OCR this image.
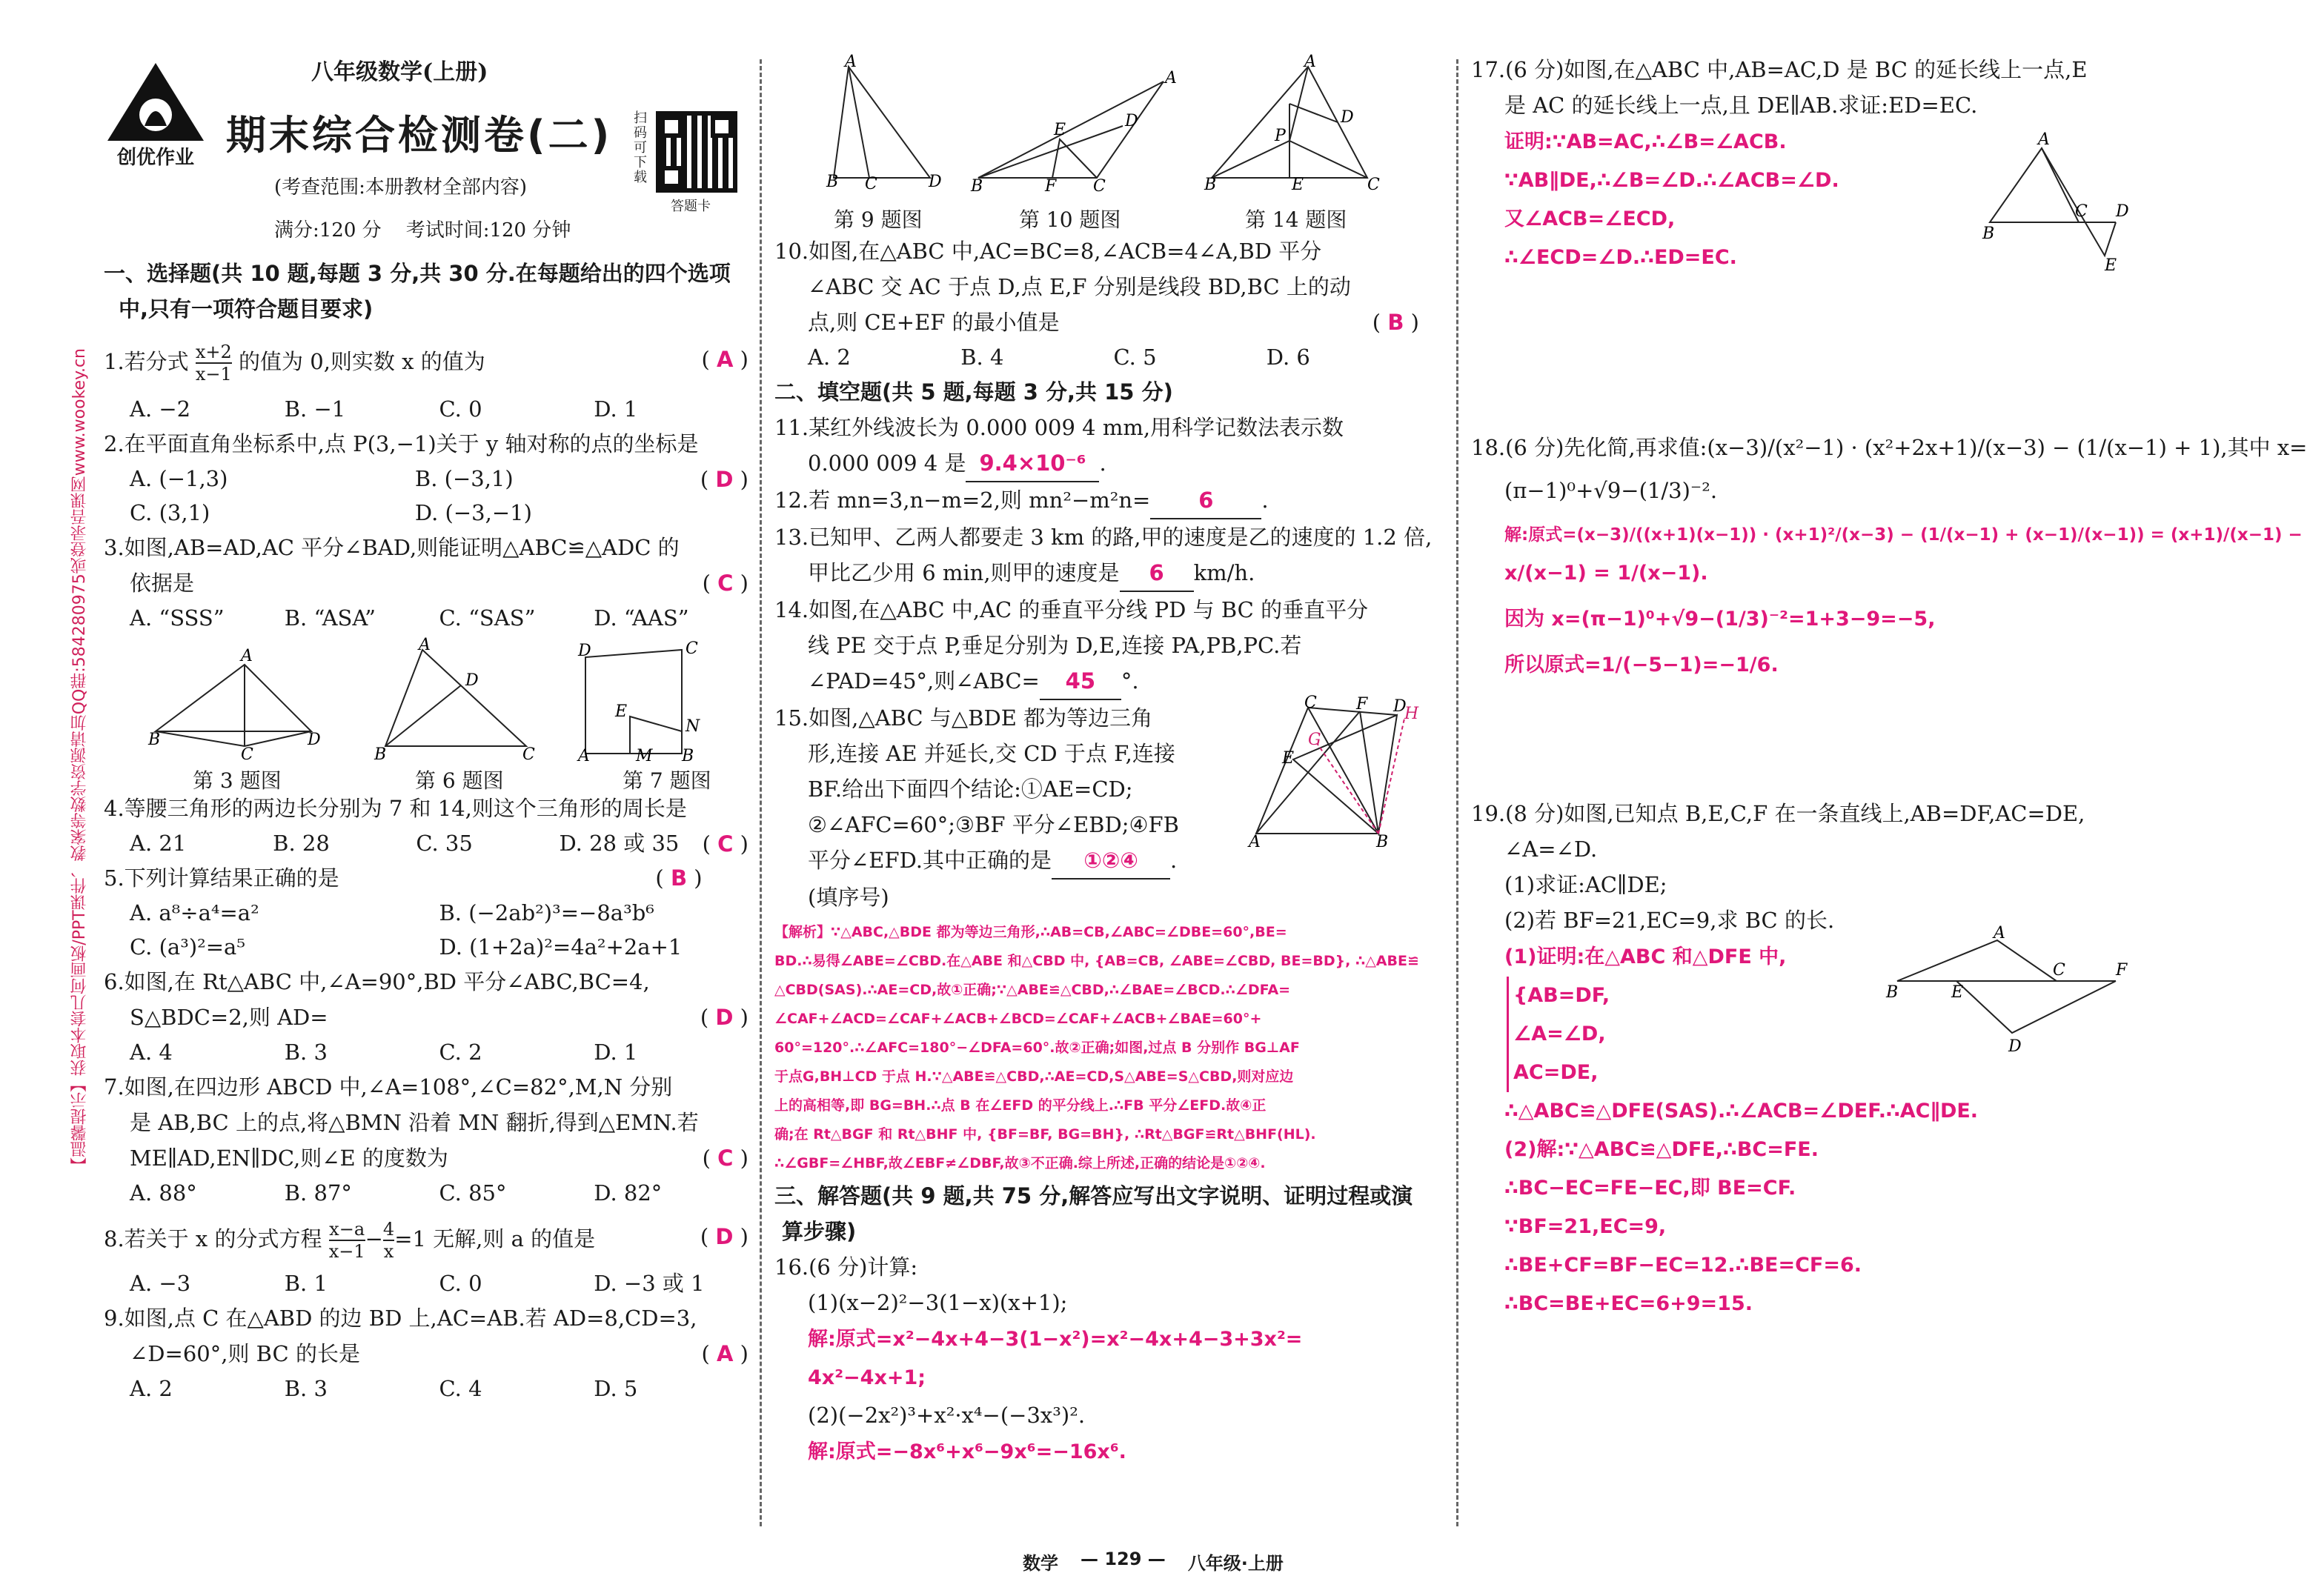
创优作业
八年级数学(上册)
期末综合检测卷(二) 扫码可下载
答题卡
(考查范围:本册教材全部内容)
满分:120 分    考试时间:120 分钟
【温馨提示】获取本套几何画板/PPT课件、教案等数学资源请加QQ群:584280975或登录吾课网www.wookey.cn
一、选择题(共 10 题,每题 3 分,共 30 分.在每题给出的四个选项
中,只有一项符合题目要求)
1.若分式 $\frac{x+2}{x-1}$ 的值为 0,则实数 x 的值为	( A )
A. −2	B. −1	C. 0	D. 1
2.在平面直角坐标系中,点 P(3,−1)关于 y 轴对称的点的坐标是
( D )
A. (−1,3)	B. (−3,1)
C. (3,1)	D. (−3,−1)
3.如图,AB=AD,AC 平分∠BAD,则能证明△ABC≌△ADC 的
依据是	( C )
A. “SSS”	B. “ASA”	C. “SAS”	D. “AAS”
A
B
C
D
第 3 题图
A
B
D
C
第 6 题图
D	C
N
E
A	M B
第 7 题图
4.等腰三角形的两边长分别为 7 和 14,则这个三角形的周长是
( C )
A. 21	B. 28	C. 35	D. 28 或 35
5.下列计算结果正确的是	( B )
A. a⁸÷a⁴=a²	B. (−2ab²)³=−8a³b⁶
C. (a³)²=a⁵	D. (1+2a)²=4a²+2a+1
6.如图,在 Rt△ABC 中,∠A=90°,BD 平分∠ABC,BC=4,
S△BDC=2,则 AD=	( D )
A. 4	B. 3	C. 2	D. 1
7.如图,在四边形 ABCD 中,∠A=108°,∠C=82°,M,N 分别
是 AB,BC 上的点,将△BMN 沿着 MN 翻折,得到△EMN.若
ME∥AD,EN∥DC,则∠E 的度数为	( C )
A. 88°	B. 87°	C. 85°	D. 82°
8.若关于 x 的分式方程 $\frac{x-a}{x-1} - \frac{4}{x} =1$ 无解,则 a 的值是	( D )
A. −3	B. 1	C. 0	D. −3 或 1
9.如图,点 C 在△ABD 的边 BD 上,AC=AB.若 AD=8,CD=3,
∠D=60°,则 BC 的长是	( A )
A. 2	B. 3	C. 4	D. 5
A
B C	D
第 9 题图
A
B	C
D
E
F
第 10 题图
A
B	C
D
E
P
第 14 题图
10.如图,在△ABC 中,AC=BC=8,∠ACB=4∠A,BD 平分
∠ABC 交 AC 于点 D,点 E,F 分别是线段 BD,BC 上的动
点,则 CE+EF 的最小值是	( B )
A. 2	B. 4	C. 5	D. 6
二、填空题(共 5 题,每题 3 分,共 15 分)
11.某红外线波长为 0.000 009 4 mm,用科学记数法表示数
0.000 009 4 是 9.4×10⁻⁶ .
12.若 mn=3,n−m=2,则 mn²−m²n= 6 .
13.已知甲、乙两人都要走 3 km 的路,甲的速度是乙的速度的 1.2 倍,
甲比乙少用 6 min,则甲的速度是 6 km/h.
14.如图,在△ABC 中,AC 的垂直平分线 PD 与 BC 的垂直平分
线 PE 交于点 P,垂足分别为 D,E,连接 PA,PB,PC.若
∠PAD=45°,则∠ABC= 45 °.
15.如图,△ABC 与△BDE 都为等边三角
形,连接 AE 并延长,交 CD 于点 F,连接
BF.给出下面四个结论:①AE=CD;
②∠AFC=60°;③BF 平分∠EBD;④FB
平分∠EFD.其中正确的是 ①②④ .
(填序号)
C F D
H
G
E
A	B
【解析】∵△ABC,△BDE 都为等边三角形,∴AB=CB,∠ABC=∠DBE=60°,BE=
BD.∴易得∠ABE=∠CBD.在△ABE 和△CBD 中, {AB=CB, ∠ABE=∠CBD, BE=BD}, ∴△ABE≌
△CBD(SAS).∴AE=CD,故①正确;∵△ABE≌△CBD,∴∠BAE=∠BCD.∴∠DFA=
∠CAF+∠ACD=∠CAF+∠ACB+∠BCD=∠CAF+∠ACB+∠BAE=60°+
60°=120°.∴∠AFC=180°−∠DFA=60°.故②正确;如图,过点 B 分别作 BG⊥AF
于点G,BH⊥CD 于点 H.∵△ABE≌△CBD,∴AE=CD,S△ABE=S△CBD,则对应边
上的高相等,即 BG=BH.∴点 B 在∠EFD 的平分线上.∴FB 平分∠EFD.故④正
确;在 Rt△BGF 和 Rt△BHF 中, {BF=BF, BG=BH}, ∴Rt△BGF≌Rt△BHF(HL).
∴∠GBF=∠HBF,故∠EBF≠∠DBF,故③不正确.综上所述,正确的结论是①②④.
三、解答题(共 9 题,共 75 分,解答应写出文字说明、证明过程或演
算步骤)
16.(6 分)计算:
(1)(x−2)²−3(1−x)(x+1);
解:原式=x²−4x+4−3(1−x²)=x²−4x+4−3+3x²=
4x²−4x+1;
(2)(−2x²)³+x²·x⁴−(−3x³)².
解:原式=−8x⁶+x⁶−9x⁶=−16x⁶.
数学 — 129 — 八年级·上册
17.(6 分)如图,在△ABC 中,AB=AC,D 是 BC 的延长线上一点,E
是 AC 的延长线上一点,且 DE∥AB.求证:ED=EC.
证明:∵AB=AC,∴∠B=∠ACB.
∵AB∥DE,∴∠B=∠D.∴∠ACB=∠D.
又∠ACB=∠ECD,
∴∠ECD=∠D.∴ED=EC.
A
B
C D
E
18.(6 分)先化简,再求值:(x−3)/(x²−1) · (x²+2x+1)/(x−3) − (1/(x−1) + 1),其中 x=
(π−1)⁰+√9−(1/3)⁻².
解:原式=(x−3)/((x+1)(x−1)) · (x+1)²/(x−3) − (1/(x−1) + (x−1)/(x−1)) = (x+1)/(x−1) −
x/(x−1) = 1/(x−1).
因为 x=(π−1)⁰+√9−(1/3)⁻²=1+3−9=−5,
所以原式=1/(−5−1)=−1/6.
19.(8 分)如图,已知点 B,E,C,F 在一条直线上,AB=DF,AC=DE,
∠A=∠D.
(1)求证:AC∥DE;
(2)若 BF=21,EC=9,求 BC 的长.
(1)证明:在△ABC 和△DFE 中,
{AB=DF,
∠A=∠D,
AC=DE,
∴△ABC≌△DFE(SAS).∴∠ACB=∠DEF.∴AC∥DE.
(2)解:∵△ABC≌△DFE,∴BC=FE.
∴BC−EC=FE−EC,即 BE=CF.
∵BF=21,EC=9,
∴BE+CF=BF−EC=12.∴BE=CF=6.
∴BC=BE+EC=6+9=15.
A
B	E
C	F
D
